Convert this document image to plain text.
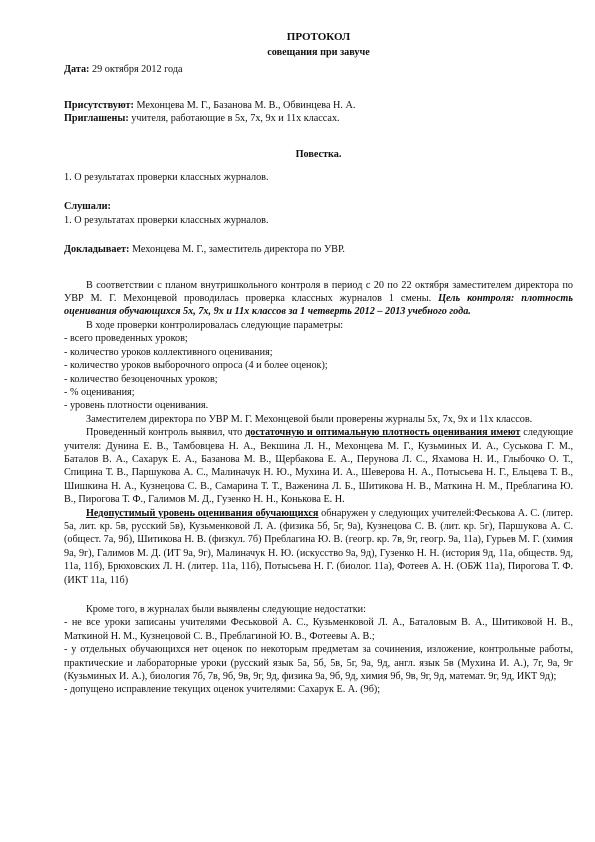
ПРОТОКОЛ

совещания при завуче

Дата: 29 октября 2012 года
Присутствуют: Мехонцева М. Г., Базанова М. В., Обвинцева Н. А.
Приглашены: учителя, работающие в 5х, 7х, 9х и 11х классах.
Повестка.
1. О результатах проверки классных журналов.
Слушали:
1. О результатах проверки классных журналов.
Докладывает: Мехонцева М. Г., заместитель директора по УВР.

В соответствии с планом внутришкольного контроля в период с 20 по 22 октября заместителем директора по УВР М. Г. Мехонцевой проводилась проверка классных журналов 1 смены. Цель контроля: плотность оценивания обучающихся 5х, 7х, 9х и 11х классов за 1 четверть 2012 – 2013 учебного года.

В ходе проверки контролировалась следующие параметры:

- всего проведенных уроков;
- количество уроков коллективного оценивания;
- количество уроков выборочного опроса (4 и более оценок);
- количество безоценочных уроков;
- % оценивания;
- уровень плотности оценивания.

Заместителем директора по УВР М. Г. Мехонцевой были проверены журналы 5х, 7х, 9х и 11х классов.

Проведенный контроль выявил, что достаточную и оптимальную плотность оценивания имеют следующие учителя: Дунина Е. В., Тамбовцева Н. А., Векшина Л. Н., Мехонцева М. Г., Кузьминых И. А., Суськова Г. М., Баталов В. А., Сахарук Е. А., Базанова М. В., Щербакова Е. А., Перунова Л. С., Яхамова Н. И., Глыбочко О. Т., Спицина Т. В., Паршукова А. С., Малиначук Н. Ю., Мухина И. А., Шеверова Н. А., Потысьева Н. Г., Ельцева Т. В., Шишкина Н. А., Кузнецова С. В., Самарина Т. Т., Важенина Л. Б., Шитикова Н. В., Маткина Н. М., Преблагина Ю. В., Пирогова Т. Ф., Галимов М. Д., Гузенко Н. Н., Конькова Е. Н.

Недопустимый уровень оценивания обучающихся обнаружен у следующих учителей:Феськова А. С. (литер. 5а, лит. кр. 5в, русский 5в), Кузьменковой Л. А. (физика 5б, 5г, 9а), Кузнецова С. В. (лит. кр. 5г), Паршукова А. С. (общест. 7а, 9б), Шитикова Н. В. (физкул. 7б) Преблагина Ю. В. (геогр. кр. 7в, 9г, геогр. 9а, 11а), Гурьев М. Г. (химия 9а, 9г), Галимов М. Д. (ИТ 9а, 9г), Малиначук Н. Ю. (искусство 9а, 9д), Гузенко Н. Н. (история 9д, 11а, обществ. 9д, 11а, 11б), Брюховских Л. Н. (литер. 11а, 11б), Потысьева Н. Г. (биолог. 11а), Фотеев А. Н. (ОБЖ 11а), Пирогова Т. Ф. (ИКТ 11а, 11б)

Кроме того, в журналах были выявлены следующие недостатки:

- не все уроки записаны учителями Феськовой А. С., Кузьменковой Л. А., Баталовым В. А., Шитиковой Н. В., Маткиной Н. М., Кузнецовой С. В., Преблагиной Ю. В., Фотеевы А. В.;

- у отдельных обучающихся нет оценок по некоторым предметам за сочинения, изложение, контрольные работы, практические и лабораторные уроки (русский язык 5а, 5б, 5в, 5г, 9а, 9д, англ. язык 5в (Мухина И. А.), 7г, 9а, 9г (Кузьминых И. А.), биология 7б, 7в, 9б, 9в, 9г, 9д, физика 9а, 9б, 9д, химия 9б, 9в, 9г, 9д, математ. 9г, 9д, ИКТ 9д);

- допущено исправление текущих оценок учителями: Сахарук Е. А. (9б);
